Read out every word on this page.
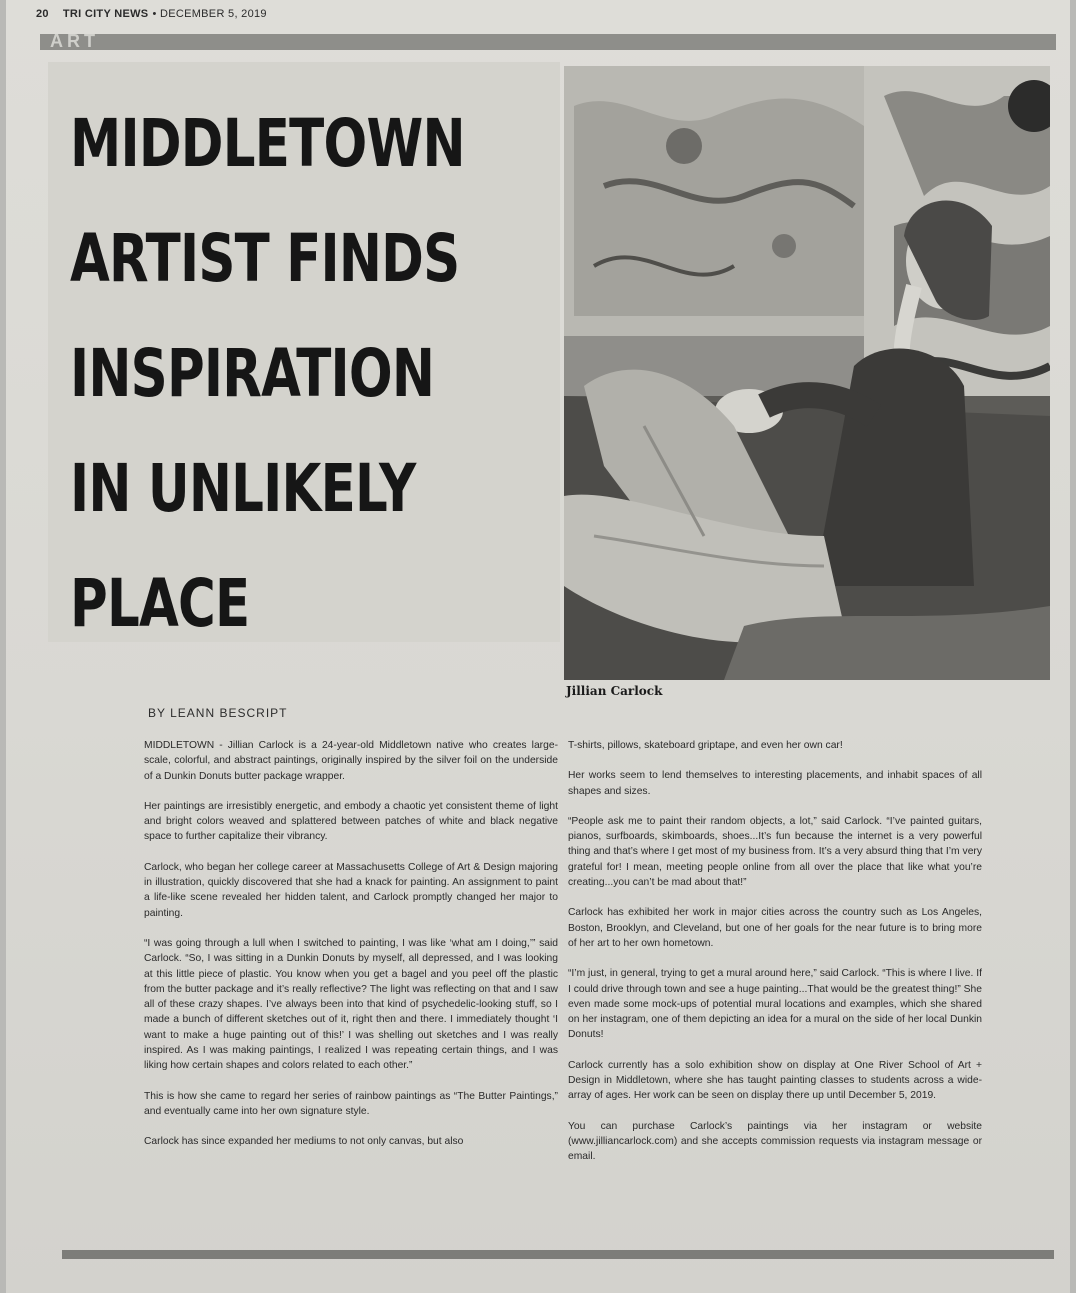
20 TRI CITY NEWS • DECEMBER 5, 2019
ART
MIDDLETOWN
ARTIST FINDS
INSPIRATION
IN UNLIKELY
PLACE
Jillian Carlock
BY LEANN BESCRIPT

MIDDLETOWN - Jillian Carlock is a 24-year-old Middletown native who creates large-scale, colorful, and abstract paintings, originally inspired by the silver foil on the underside of a Dunkin Donuts butter package wrapper.

Her paintings are irresistibly energetic, and embody a chaotic yet consistent theme of light and bright colors weaved and splattered between patches of white and black negative space to further capitalize their vibrancy.

Carlock, who began her college career at Massachusetts College of Art & Design majoring in illustration, quickly discovered that she had a knack for painting. An assignment to paint a life-like scene revealed her hidden talent, and Carlock promptly changed her major to painting.

“I was going through a lull when I switched to painting, I was like ‘what am I doing,’” said Carlock. “So, I was sitting in a Dunkin Donuts by myself, all depressed, and I was looking at this little piece of plastic. You know when you get a bagel and you peel off the plastic from the butter package and it’s really reflective? The light was reflecting on that and I saw all of these crazy shapes. I’ve always been into that kind of psychedelic-looking stuff, so I made a bunch of different sketches out of it, right then and there. I immediately thought ‘I want to make a huge painting out of this!’ I was shelling out sketches and I was really inspired. As I was making paintings, I realized I was repeating certain things, and I was liking how certain shapes and colors related to each other.”

This is how she came to regard her series of rainbow paintings as “The Butter Paintings,” and eventually came into her own signature style.

Carlock has since expanded her mediums to not only canvas, but also

T-shirts, pillows, skateboard griptape, and even her own car!

Her works seem to lend themselves to interesting placements, and inhabit spaces of all shapes and sizes.

“People ask me to paint their random objects, a lot,” said Carlock. “I’ve painted guitars, pianos, surfboards, skimboards, shoes...It’s fun because the internet is a very powerful thing and that’s where I get most of my business from. It’s a very absurd thing that I’m very grateful for! I mean, meeting people online from all over the place that like what you’re creating...you can’t be mad about that!”

Carlock has exhibited her work in major cities across the country such as Los Angeles, Boston, Brooklyn, and Cleveland, but one of her goals for the near future is to bring more of her art to her own hometown.

“I’m just, in general, trying to get a mural around here,” said Carlock. “This is where I live. If I could drive through town and see a huge painting...That would be the greatest thing!” She even made some mock-ups of potential mural locations and examples, which she shared on her instagram, one of them depicting an idea for a mural on the side of her local Dunkin Donuts!

Carlock currently has a solo exhibition show on display at One River School of Art + Design in Middletown, where she has taught painting classes to students across a wide-array of ages. Her work can be seen on display there up until December 5, 2019.

You can purchase Carlock’s paintings via her instagram or website (www.jilliancarlock.com) and she accepts commission requests via instagram message or email.
